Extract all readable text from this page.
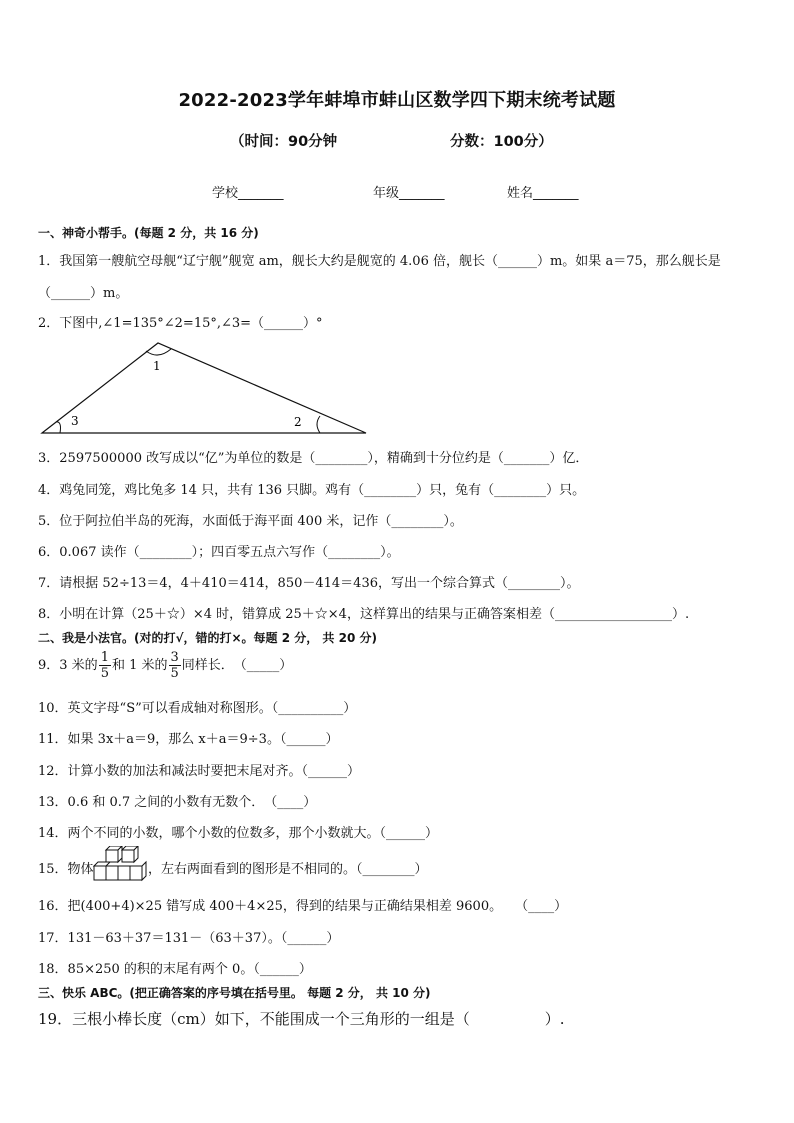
2022-2023学年蚌埠市蚌山区数学四下期末统考试题
（时间：90分钟	分数：100分）
学校_______	年级_______	姓名_______
一、神奇小帮手。(每题 2 分，共 16 分)
1．我国第一艘航空母舰“辽宁舰”舰宽 am，舰长大约是舰宽的 4.06 倍，舰长（______）m。如果 a＝75，那么舰长是
（______）m。
2．下图中,∠1=135°∠2=15°,∠3=（______）°
1
2
3
3．2597500000 改写成以“亿”为单位的数是（________），精确到十分位约是（_______）亿．
4．鸡兔同笼，鸡比兔多 14 只，共有 136 只脚。鸡有（________）只，兔有（________）只。
5．位于阿拉伯半岛的死海，水面低于海平面 400 米，记作（________）。
6．0.067 读作（________）；四百零五点六写作（________）。
7．请根据 52÷13＝4，4＋410＝414，850－414＝436，写出一个综合算式（________）。
8．小明在计算（25＋☆）×4 时，错算成 25＋☆×4，这样算出的结果与正确答案相差（__________________）.
二、我是小法官。(对的打√，错的打×。每题 2 分， 共 20 分)
9．3 米的 $\frac{1}{5}$ 和 1 米的 $\frac{3}{5}$ 同样长．　（_____）
10．英文字母“S”可以看成轴对称图形。（__________）
11．如果 3x＋a＝9，那么 x＋a＝9÷3。（______）
12．计算小数的加法和减法时要把末尾对齐。（______）
13．0.6 和 0.7 之间的小数有无数个．　（____）
14．两个不同的小数，哪个小数的位数多，那个小数就大。（______）
15．物体	，左右两面看到的图形是不相同的。（________）
16．把(400+4)×25 错写成 400＋4×25，得到的结果与正确结果相差 9600。　　（____）
17．131－63＋37＝131－（63＋37）。（______）
18．85×250 的积的末尾有两个 0。（______）
三、快乐 ABC。(把正确答案的序号填在括号里。 每题 2 分， 共 10 分)
19．三根小棒长度（cm）如下，不能围成一个三角形的一组是（　　　　　）.
